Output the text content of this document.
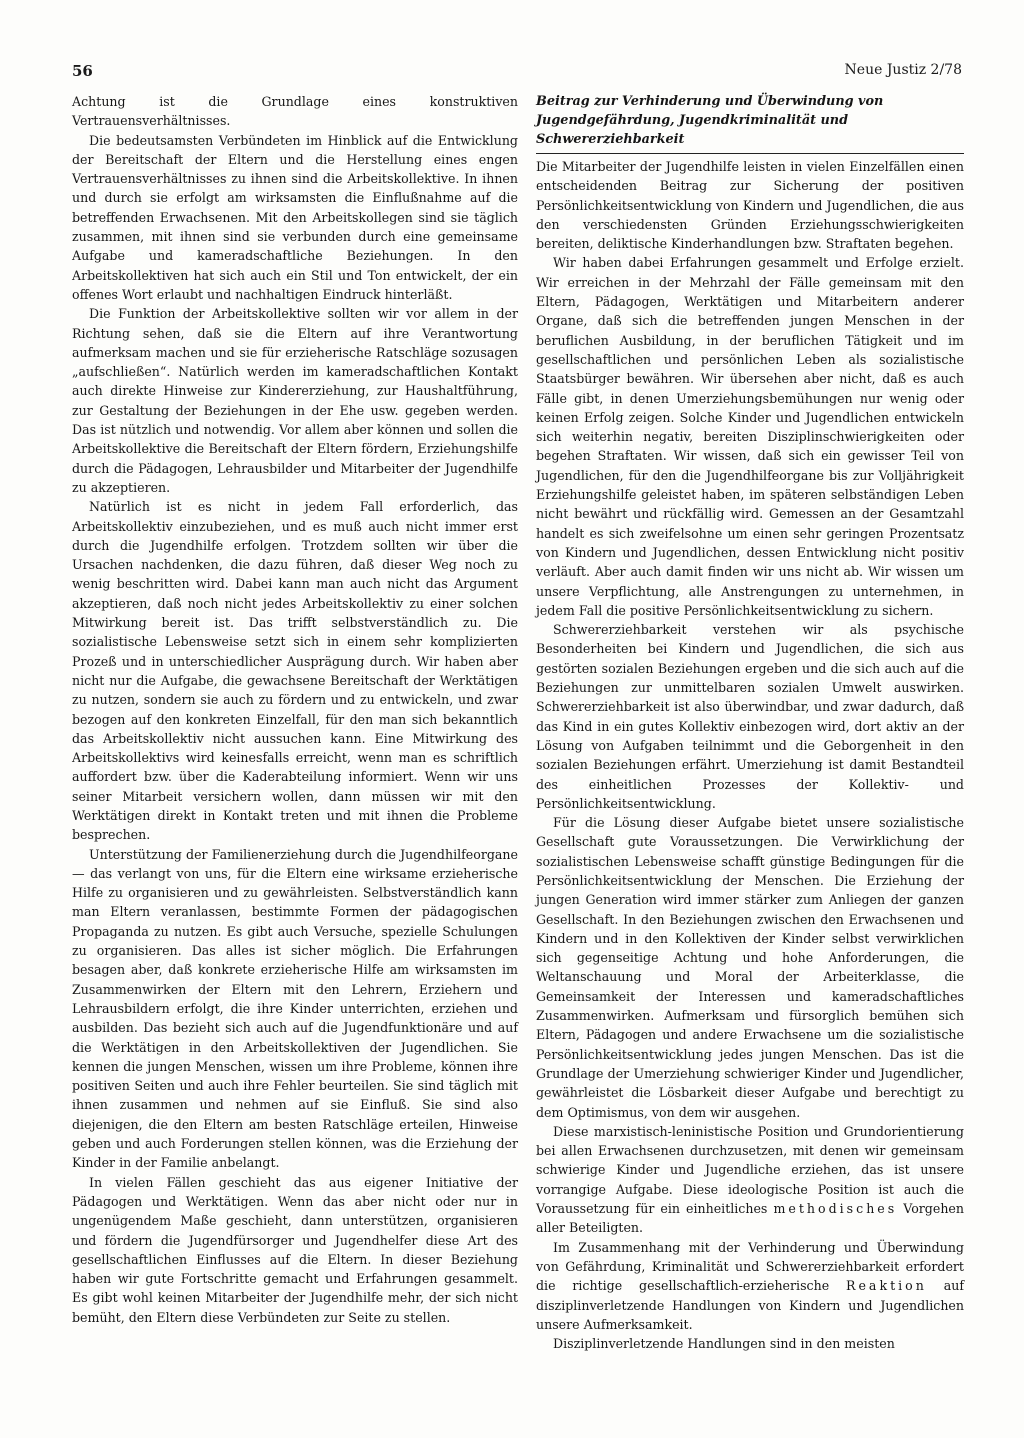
56	Neue Justiz 2/78

Achtung ist die Grundlage eines konstruktiven Vertrauensverhältnisses.

Die bedeutsamsten Verbündeten im Hinblick auf die Entwicklung der Bereitschaft der Eltern und die Herstellung eines engen Vertrauensverhältnisses zu ihnen sind die Arbeitskollektive. In ihnen und durch sie erfolgt am wirksamsten die Einflußnahme auf die betreffenden Erwachsenen. Mit den Arbeitskollegen sind sie täglich zusammen, mit ihnen sind sie verbunden durch eine gemeinsame Aufgabe und kameradschaftliche Beziehungen. In den Arbeitskollektiven hat sich auch ein Stil und Ton entwickelt, der ein offenes Wort erlaubt und nachhaltigen Eindruck hinterläßt.

Die Funktion der Arbeitskollektive sollten wir vor allem in der Richtung sehen, daß sie die Eltern auf ihre Verantwortung aufmerksam machen und sie für erzieherische Ratschläge sozusagen „aufschließen“. Natürlich werden im kameradschaftlichen Kontakt auch direkte Hinweise zur Kindererziehung, zur Haushaltführung, zur Gestaltung der Beziehungen in der Ehe usw. gegeben werden. Das ist nützlich und notwendig. Vor allem aber können und sollen die Arbeitskollektive die Bereitschaft der Eltern fördern, Erziehungshilfe durch die Pädagogen, Lehrausbilder und Mitarbeiter der Jugendhilfe zu akzeptieren.

Natürlich ist es nicht in jedem Fall erforderlich, das Arbeitskollektiv einzubeziehen, und es muß auch nicht immer erst durch die Jugendhilfe erfolgen. Trotzdem sollten wir über die Ursachen nachdenken, die dazu führen, daß dieser Weg noch zu wenig beschritten wird. Dabei kann man auch nicht das Argument akzeptieren, daß noch nicht jedes Arbeitskollektiv zu einer solchen Mitwirkung bereit ist. Das trifft selbstverständlich zu. Die sozialistische Lebensweise setzt sich in einem sehr komplizierten Prozeß und in unterschiedlicher Ausprägung durch. Wir haben aber nicht nur die Aufgabe, die gewachsene Bereitschaft der Werktätigen zu nutzen, sondern sie auch zu fördern und zu entwickeln, und zwar bezogen auf den konkreten Einzelfall, für den man sich bekanntlich das Arbeitskollektiv nicht aussuchen kann. Eine Mitwirkung des Arbeitskollektivs wird keinesfalls erreicht, wenn man es schriftlich auffordert bzw. über die Kaderabteilung informiert. Wenn wir uns seiner Mitarbeit versichern wollen, dann müssen wir mit den Werktätigen direkt in Kontakt treten und mit ihnen die Probleme besprechen.

Unterstützung der Familienerziehung durch die Jugendhilfeorgane — das verlangt von uns, für die Eltern eine wirksame erzieherische Hilfe zu organisieren und zu gewährleisten. Selbstverständlich kann man Eltern veranlassen, bestimmte Formen der pädagogischen Propaganda zu nutzen. Es gibt auch Versuche, spezielle Schulungen zu organisieren. Das alles ist sicher möglich. Die Erfahrungen besagen aber, daß konkrete erzieherische Hilfe am wirksamsten im Zusammenwirken der Eltern mit den Lehrern, Erziehern und Lehrausbildern erfolgt, die ihre Kinder unterrichten, erziehen und ausbilden. Das bezieht sich auch auf die Jugendfunktionäre und auf die Werktätigen in den Arbeitskollektiven der Jugendlichen. Sie kennen die jungen Menschen, wissen um ihre Probleme, können ihre positiven Seiten und auch ihre Fehler beurteilen. Sie sind täglich mit ihnen zusammen und nehmen auf sie Einfluß. Sie sind also diejenigen, die den Eltern am besten Ratschläge erteilen, Hinweise geben und auch Forderungen stellen können, was die Erziehung der Kinder in der Familie anbelangt.

In vielen Fällen geschieht das aus eigener Initiative der Pädagogen und Werktätigen. Wenn das aber nicht oder nur in ungenügendem Maße geschieht, dann unterstützen, organisieren und fördern die Jugendfürsorger und Jugendhelfer diese Art des gesellschaftlichen Einflusses auf die Eltern. In dieser Beziehung haben wir gute Fortschritte gemacht und Erfahrungen gesammelt. Es gibt wohl keinen Mitarbeiter der Jugendhilfe mehr, der sich nicht bemüht, den Eltern diese Verbündeten zur Seite zu stellen.

Beitrag zur Verhinderung und Überwindung von Jugendgefährdung, Jugendkriminalität und Schwererziehbarkeit

Die Mitarbeiter der Jugendhilfe leisten in vielen Einzelfällen einen entscheidenden Beitrag zur Sicherung der positiven Persönlichkeitsentwicklung von Kindern und Jugendlichen, die aus den verschiedensten Gründen Erziehungsschwierigkeiten bereiten, deliktische Kinderhandlungen bzw. Straftaten begehen.

Wir haben dabei Erfahrungen gesammelt und Erfolge erzielt. Wir erreichen in der Mehrzahl der Fälle gemeinsam mit den Eltern, Pädagogen, Werktätigen und Mitarbeitern anderer Organe, daß sich die betreffenden jungen Menschen in der beruflichen Ausbildung, in der beruflichen Tätigkeit und im gesellschaftlichen und persönlichen Leben als sozialistische Staatsbürger bewähren. Wir übersehen aber nicht, daß es auch Fälle gibt, in denen Umerziehungsbemühungen nur wenig oder keinen Erfolg zeigen. Solche Kinder und Jugendlichen entwickeln sich weiterhin negativ, bereiten Disziplinschwierigkeiten oder begehen Straftaten. Wir wissen, daß sich ein gewisser Teil von Jugendlichen, für den die Jugendhilfeorgane bis zur Volljährigkeit Erziehungshilfe geleistet haben, im späteren selbständigen Leben nicht bewährt und rückfällig wird. Gemessen an der Gesamtzahl handelt es sich zweifelsohne um einen sehr geringen Prozentsatz von Kindern und Jugendlichen, dessen Entwicklung nicht positiv verläuft. Aber auch damit finden wir uns nicht ab. Wir wissen um unsere Verpflichtung, alle Anstrengungen zu unternehmen, in jedem Fall die positive Persönlichkeitsentwicklung zu sichern.

Schwererziehbarkeit verstehen wir als psychische Besonderheiten bei Kindern und Jugendlichen, die sich aus gestörten sozialen Beziehungen ergeben und die sich auch auf die Beziehungen zur unmittelbaren sozialen Umwelt auswirken. Schwererziehbarkeit ist also überwindbar, und zwar dadurch, daß das Kind in ein gutes Kollektiv einbezogen wird, dort aktiv an der Lösung von Aufgaben teilnimmt und die Geborgenheit in den sozialen Beziehungen erfährt. Umerziehung ist damit Bestandteil des einheitlichen Prozesses der Kollektiv- und Persönlichkeitsentwicklung.

Für die Lösung dieser Aufgabe bietet unsere sozialistische Gesellschaft gute Voraussetzungen. Die Verwirklichung der sozialistischen Lebensweise schafft günstige Bedingungen für die Persönlichkeitsentwicklung der Menschen. Die Erziehung der jungen Generation wird immer stärker zum Anliegen der ganzen Gesellschaft. In den Beziehungen zwischen den Erwachsenen und Kindern und in den Kollektiven der Kinder selbst verwirklichen sich gegenseitige Achtung und hohe Anforderungen, die Weltanschauung und Moral der Arbeiterklasse, die Gemeinsamkeit der Interessen und kameradschaftliches Zusammenwirken. Aufmerksam und fürsorglich bemühen sich Eltern, Pädagogen und andere Erwachsene um die sozialistische Persönlichkeitsentwicklung jedes jungen Menschen. Das ist die Grundlage der Umerziehung schwieriger Kinder und Jugendlicher, gewährleistet die Lösbarkeit dieser Aufgabe und berechtigt zu dem Optimismus, von dem wir ausgehen.

Diese marxistisch-leninistische Position und Grundorientierung bei allen Erwachsenen durchzusetzen, mit denen wir gemeinsam schwierige Kinder und Jugendliche erziehen, das ist unsere vorrangige Aufgabe. Diese ideologische Position ist auch die Voraussetzung für ein einheitliches methodisches Vorgehen aller Beteiligten.

Im Zusammenhang mit der Verhinderung und Überwindung von Gefährdung, Kriminalität und Schwererziehbarkeit erfordert die richtige gesellschaftlich-erzieherische Reaktion auf disziplinverletzende Handlungen von Kindern und Jugendlichen unsere Aufmerksamkeit.

Disziplinverletzende Handlungen sind in den meisten
